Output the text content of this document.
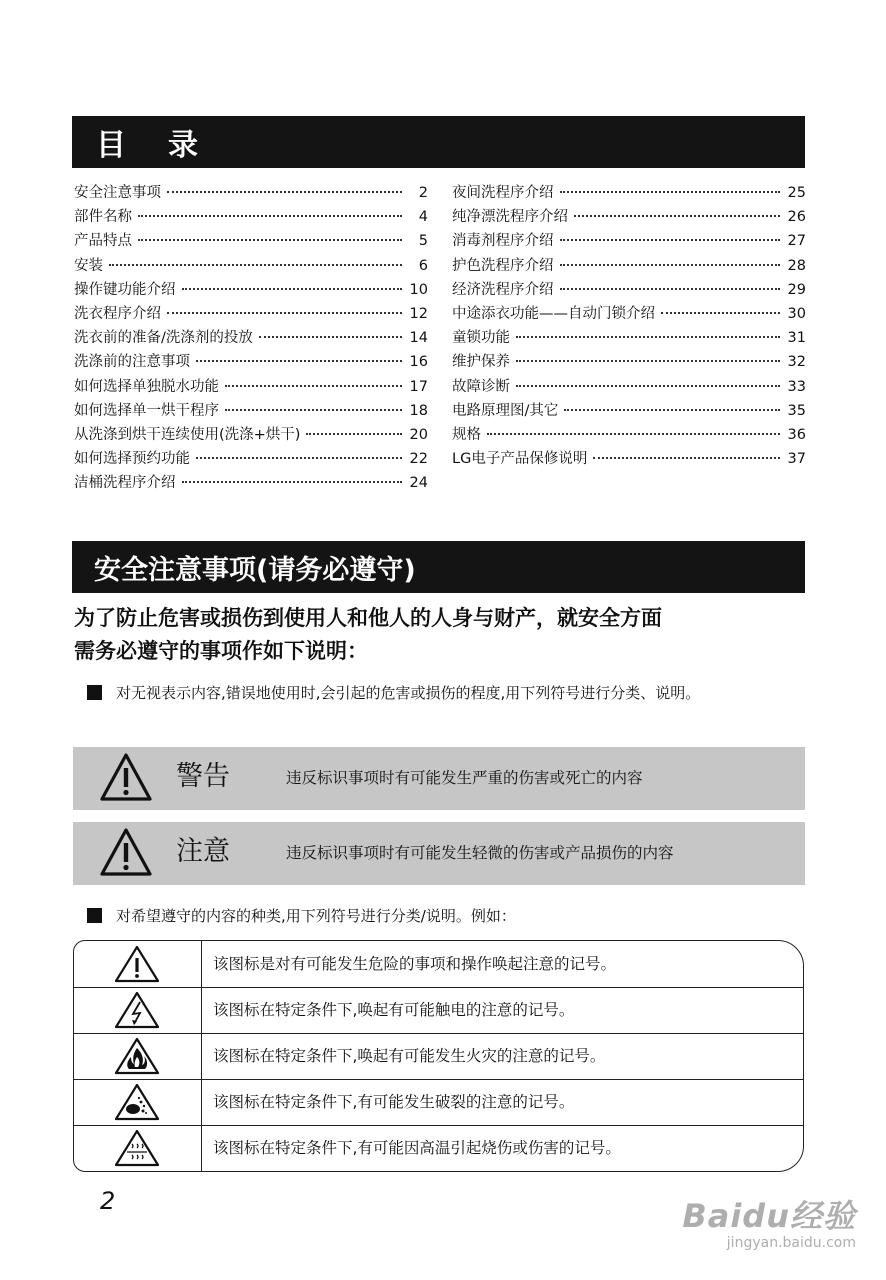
目　录
安全注意事项	2
部件名称	4
产品特点	5
安装	6
操作键功能介绍	10
洗衣程序介绍	12
洗衣前的准备/洗涤剂的投放	14
洗涤前的注意事项	16
如何选择单独脱水功能	17
如何选择单一烘干程序	18
从洗涤到烘干连续使用(洗涤+烘干)	20
如何选择预约功能	22
洁桶洗程序介绍	24
夜间洗程序介绍	25
纯净漂洗程序介绍	26
消毒剂程序介绍	27
护色洗程序介绍	28
经济洗程序介绍	29
中途添衣功能——自动门锁介绍	30
童锁功能	31
维护保养	32
故障诊断	33
电路原理图/其它	35
规格	36
LG电子产品保修说明	37
安全注意事项(请务必遵守)
为了防止危害或损伤到使用人和他人的人身与财产，就安全方面
需务必遵守的事项作如下说明：
对无视表示内容,错误地使用时,会引起的危害或损伤的程度,用下列符号进行分类、说明。
警告	违反标识事项时有可能发生严重的伤害或死亡的内容
注意	违反标识事项时有可能发生轻微的伤害或产品损伤的内容
对希望遵守的内容的种类,用下列符号进行分类/说明。例如：
该图标是对有可能发生危险的事项和操作唤起注意的记号。
该图标在特定条件下,唤起有可能触电的注意的记号。
该图标在特定条件下,唤起有可能发生火灾的注意的记号。
该图标在特定条件下,有可能发生破裂的注意的记号。
该图标在特定条件下,有可能因高温引起烧伤或伤害的记号。
2	Baidu经验
jingyan.baidu.com
